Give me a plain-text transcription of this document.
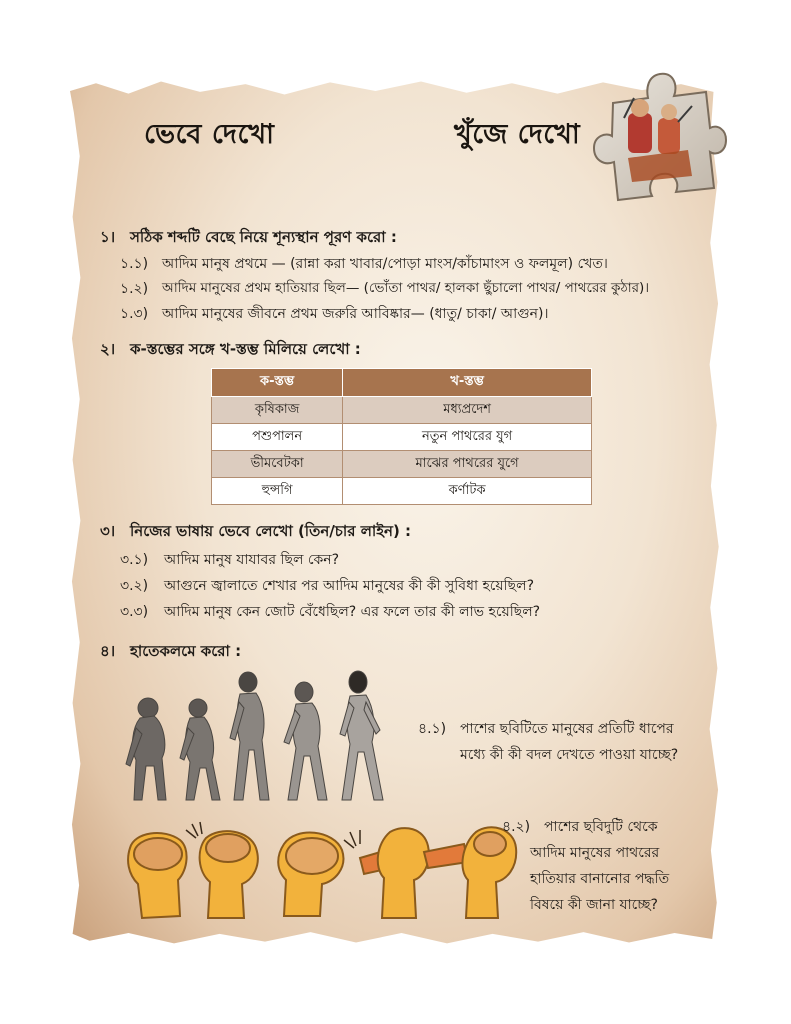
ভেবে দেখো	খুঁজে দেখো
১। সঠিক শব্দটি বেছে নিয়ে শূন্যস্থান পূরণ করো :
১.১) আদিম মানুষ প্রথমে — (রান্না করা খাবার/পোড়া মাংস/কাঁচামাংস ও ফলমূল) খেত।
১.২) আদিম মানুষের প্রথম হাতিয়ার ছিল— (ভোঁতা পাথর/ হালকা ছুঁচালো পাথর/ পাথরের কুঠার)।
১.৩) আদিম মানুষের জীবনে প্রথম জরুরি আবিষ্কার— (ধাতু/ চাকা/ আগুন)।
২। ক-স্তম্ভের সঙ্গে খ-স্তম্ভ মিলিয়ে লেখো :
ক-স্তম্ভ	খ-স্তম্ভ
কৃষিকাজ	মধ্যপ্রদেশ
পশুপালন	নতুন পাথরের যুগ
ভীমবেটকা	মাঝের পাথরের যুগে
হুন্সগি	কর্ণাটক
৩। নিজের ভাষায় ভেবে লেখো (তিন/চার লাইন) :
৩.১) আদিম মানুষ যাযাবর ছিল কেন?
৩.২) আগুনে জ্বালাতে শেখার পর আদিম মানুষের কী কী সুবিধা হয়েছিল?
৩.৩) আদিম মানুষ কেন জোট বেঁধেছিল? এর ফলে তার কী লাভ হয়েছিল?
৪। হাতেকলমে করো :
৪.১) পাশের ছবিটিতে মানুষের প্রতিটি ধাপের
মধ্যে কী কী বদল দেখতে পাওয়া যাচ্ছে?
৪.২) পাশের ছবিদুটি থেকে
আদিম মানুষের পাথরের
হাতিয়ার বানানোর পদ্ধতি
বিষয়ে কী জানা যাচ্ছে?
